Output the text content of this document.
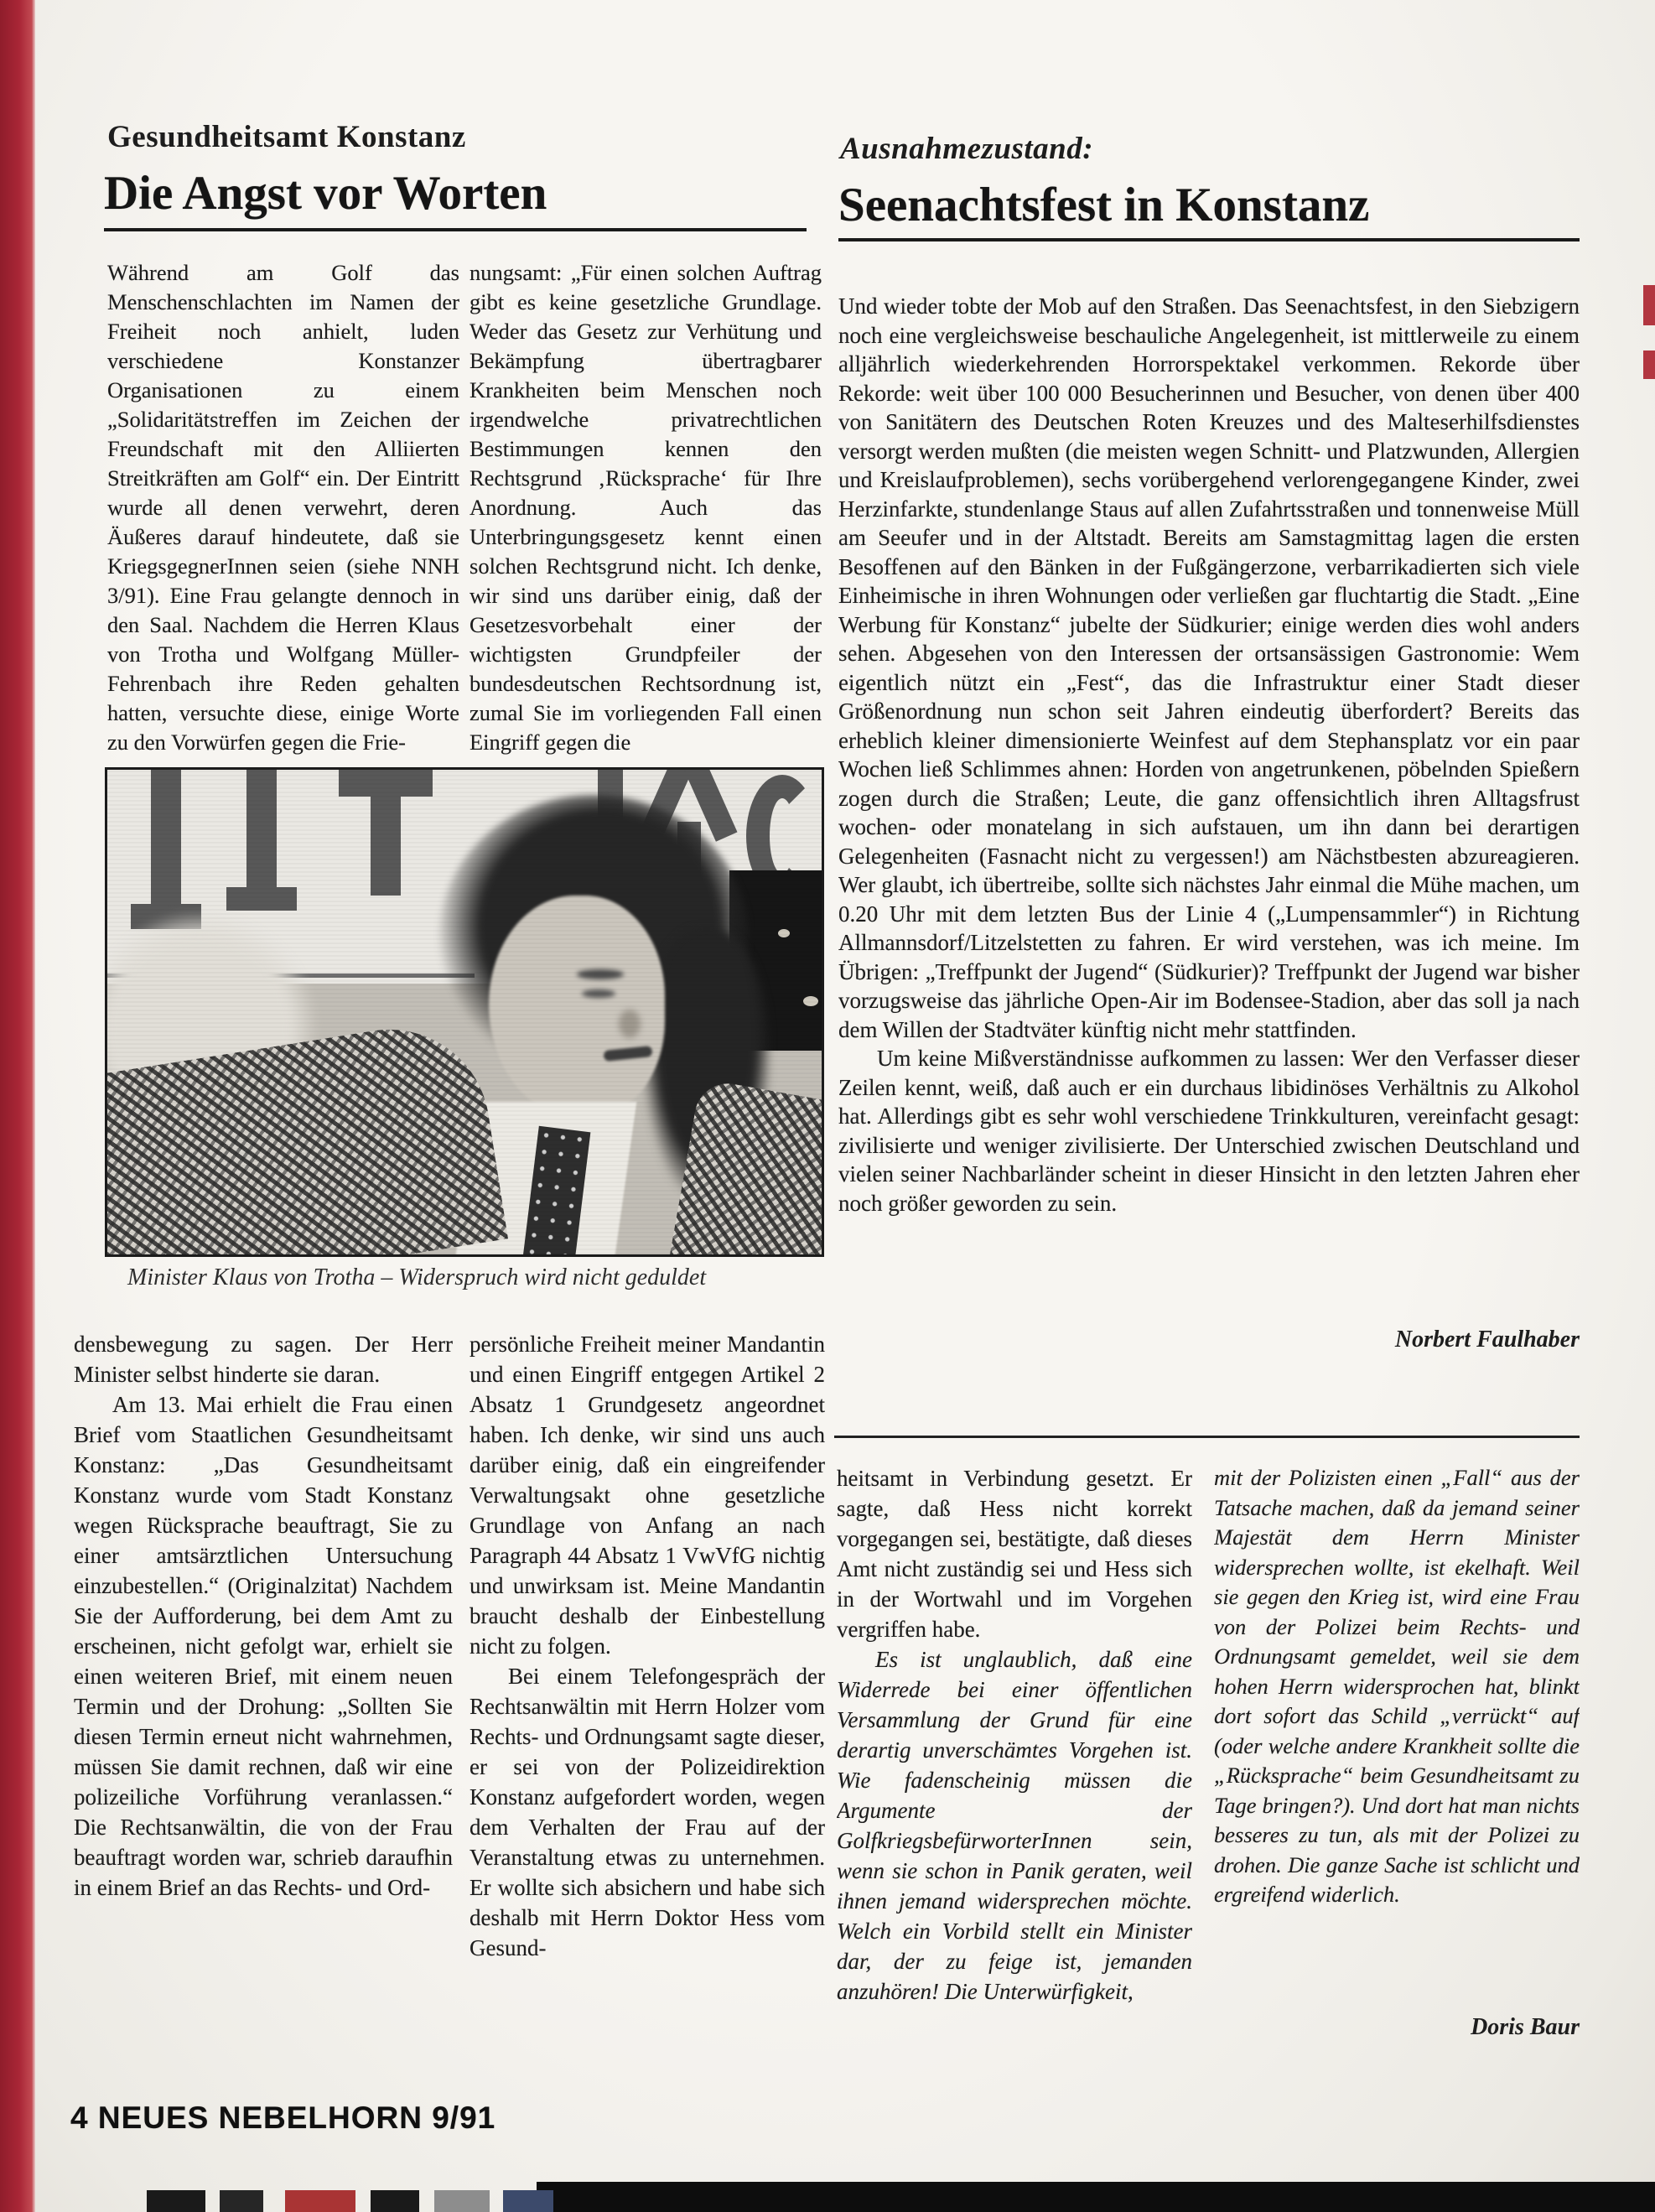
Gesundheitsamt Konstanz
Die Angst vor Worten
Ausnahmezustand:
Seenachtsfest in Konstanz

Während am Golf das Menschenschlachten im Namen der Freiheit noch anhielt, luden verschiedene Konstanzer Organisationen zu einem „Solidaritätstreffen im Zeichen der Freundschaft mit den Alliierten Streitkräften am Golf“ ein. Der Eintritt wurde all denen verwehrt, deren Äußeres darauf hindeutete, daß sie KriegsgegnerInnen seien (siehe NNH 3/91). Eine Frau gelangte dennoch in den Saal. Nachdem die Herren Klaus von Trotha und Wolfgang Müller-Fehrenbach ihre Reden gehalten hatten, versuchte diese, einige Worte zu den Vorwürfen gegen die Frie-

nungsamt: „Für einen solchen Auftrag gibt es keine gesetzliche Grundlage. Weder das Gesetz zur Verhütung und Bekämpfung übertragbarer Krankheiten beim Menschen noch irgendwelche privatrechtlichen Bestimmungen kennen den Rechtsgrund ‚Rücksprache‘ für Ihre Anordnung. Auch das Unterbringungsgesetz kennt einen solchen Rechtsgrund nicht. Ich denke, wir sind uns darüber einig, daß der Gesetzesvorbehalt einer der wichtigsten Grundpfeiler der bundesdeutschen Rechtsordnung ist, zumal Sie im vorliegenden Fall einen Eingriff gegen die

Minister Klaus von Trotha – Widerspruch wird nicht geduldet

Und wieder tobte der Mob auf den Straßen. Das Seenachtsfest, in den Siebzigern noch eine vergleichsweise beschauliche Angelegenheit, ist mittlerweile zu einem alljährlich wiederkehrenden Horrorspektakel verkommen. Rekorde über Rekorde: weit über 100 000 Besucherinnen und Besucher, von denen über 400 von Sanitätern des Deutschen Roten Kreuzes und des Malteserhilfsdienstes versorgt werden mußten (die meisten wegen Schnitt- und Platzwunden, Allergien und Kreislaufproblemen), sechs vorübergehend verlorengegangene Kinder, zwei Herzinfarkte, stundenlange Staus auf allen Zufahrtsstraßen und tonnenweise Müll am Seeufer und in der Altstadt. Bereits am Samstagmittag lagen die ersten Besoffenen auf den Bänken in der Fußgängerzone, verbarrikadierten sich viele Einheimische in ihren Wohnungen oder verließen gar fluchtartig die Stadt. „Eine Werbung für Konstanz“ jubelte der Südkurier; einige werden dies wohl anders sehen. Abgesehen von den Interessen der ortsansässigen Gastronomie: Wem eigentlich nützt ein „Fest“, das die Infrastruktur einer Stadt dieser Größenordnung nun schon seit Jahren eindeutig überfordert? Bereits das erheblich kleiner dimensionierte Weinfest auf dem Stephansplatz vor ein paar Wochen ließ Schlimmes ahnen: Horden von angetrunkenen, pöbelnden Spießern zogen durch die Straßen; Leute, die ganz offensichtlich ihren Alltagsfrust wochen- oder monatelang in sich aufstauen, um ihn dann bei derartigen Gelegenheiten (Fasnacht nicht zu vergessen!) am Nächstbesten abzureagieren. Wer glaubt, ich übertreibe, sollte sich nächstes Jahr einmal die Mühe machen, um 0.20 Uhr mit dem letzten Bus der Linie 4 („Lumpensammler“) in Richtung Allmannsdorf/Litzelstetten zu fahren. Er wird verstehen, was ich meine. Im Übrigen: „Treffpunkt der Jugend“ (Südkurier)? Treffpunkt der Jugend war bisher vorzugsweise das jährliche Open-Air im Bodensee-Stadion, aber das soll ja nach dem Willen der Stadtväter künftig nicht mehr stattfinden.

Um keine Mißverständnisse aufkommen zu lassen: Wer den Verfasser dieser Zeilen kennt, weiß, daß auch er ein durchaus libidinöses Verhältnis zu Alkohol hat. Allerdings gibt es sehr wohl verschiedene Trinkkulturen, vereinfacht gesagt: zivilisierte und weniger zivilisierte. Der Unterschied zwischen Deutschland und vielen seiner Nachbarländer scheint in dieser Hinsicht in den letzten Jahren eher noch größer geworden zu sein.

Norbert Faulhaber

densbewegung zu sagen. Der Herr Minister selbst hinderte sie daran.

Am 13. Mai erhielt die Frau einen Brief vom Staatlichen Gesundheitsamt Konstanz: „Das Gesundheitsamt Konstanz wurde vom Stadt Konstanz wegen Rücksprache beauftragt, Sie zu einer amtsärztlichen Untersuchung einzubestellen.“ (Originalzitat) Nachdem Sie der Aufforderung, bei dem Amt zu erscheinen, nicht gefolgt war, erhielt sie einen weiteren Brief, mit einem neuen Termin und der Drohung: „Sollten Sie diesen Termin erneut nicht wahrnehmen, müssen Sie damit rechnen, daß wir eine polizeiliche Vorführung veranlassen.“ Die Rechtsanwältin, die von der Frau beauftragt worden war, schrieb daraufhin in einem Brief an das Rechts- und Ord-

persönliche Freiheit meiner Mandantin und einen Eingriff entgegen Artikel 2 Absatz 1 Grundgesetz angeordnet haben. Ich denke, wir sind uns auch darüber einig, daß ein eingreifender Verwaltungsakt ohne gesetzliche Grundlage von Anfang an nach Paragraph 44 Absatz 1 VwVfG nichtig und unwirksam ist. Meine Mandantin braucht deshalb der Einbestellung nicht zu folgen.

Bei einem Telefongespräch der Rechtsanwältin mit Herrn Holzer vom Rechts- und Ordnungsamt sagte dieser, er sei von der Polizeidirektion Konstanz aufgefordert worden, wegen dem Verhalten der Frau auf der Veranstaltung etwas zu unternehmen. Er wollte sich absichern und habe sich deshalb mit Herrn Doktor Hess vom Gesund-

heitsamt in Verbindung gesetzt. Er sagte, daß Hess nicht korrekt vorgegangen sei, bestätigte, daß dieses Amt nicht zuständig sei und Hess sich in der Wortwahl und im Vorgehen vergriffen habe.

Es ist unglaublich, daß eine Widerrede bei einer öffentlichen Versammlung der Grund für eine derartig unverschämtes Vorgehen ist. Wie fadenscheinig müssen die Argumente der GolfkriegsbefürworterInnen sein, wenn sie schon in Panik geraten, weil ihnen jemand widersprechen möchte. Welch ein Vorbild stellt ein Minister dar, der zu feige ist, jemanden anzuhören! Die Unterwürfigkeit,

mit der Polizisten einen „Fall“ aus der Tatsache machen, daß da jemand seiner Majestät dem Herrn Minister widersprechen wollte, ist ekelhaft. Weil sie gegen den Krieg ist, wird eine Frau von der Polizei beim Rechts- und Ordnungsamt gemeldet, weil sie dem hohen Herrn widersprochen hat, blinkt dort sofort das Schild „verrückt“ auf (oder welche andere Krankheit sollte die „Rücksprache“ beim Gesundheitsamt zu Tage bringen?). Und dort hat man nichts besseres zu tun, als mit der Polizei zu drohen. Die ganze Sache ist schlicht und ergreifend widerlich.

Doris Baur
4 NEUES NEBELHORN 9/91
